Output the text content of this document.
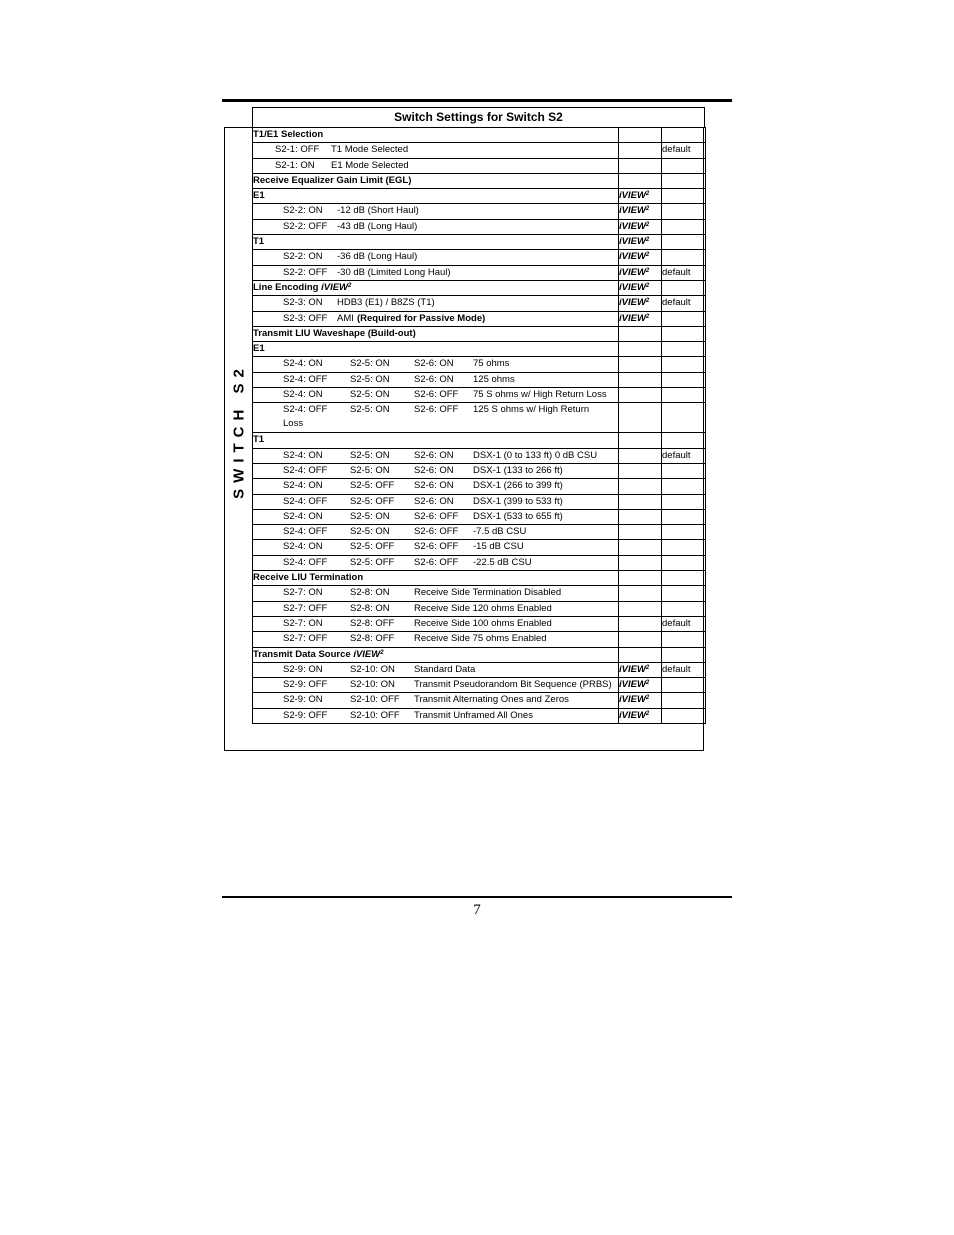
Switch Settings for Switch S2
SWITCH S2
T1/E1 Selection		

S2-1: OFF T1 Mode Selected		default

S2-1: ON E1 Mode Selected		

Receive Equalizer Gain Limit (EGL)		
E1	iVIEW$^2$	

S2-2: ON -12 dB (Short Haul)	iVIEW$^2$	

S2-2: OFF -43 dB (Long Haul)	iVIEW$^2$	
T1	iVIEW$^2$	

S2-2: ON -36 dB (Long Haul)	iVIEW$^2$	

S2-2: OFF -30 dB (Limited Long Haul)	iVIEW$^2$	default
Line Encoding iVIEW$^2$	iVIEW$^2$	

S2-3: ON HDB3 (E1) / B8ZS (T1)	iVIEW$^2$	default

S2-3: OFF AMI (Required for Passive Mode)	iVIEW$^2$	
Transmit LIU Waveshape (Build-out)		
E1		

S2-4: ON S2-5: ON S2-6: ON 75 ohms		

S2-4: OFF S2-5: ON S2-6: ON 125 ohms		

S2-4: ON S2-5: ON S2-6: OFF 75 S ohms w/ High Return Loss		

S2-4: OFF S2-5: ON S2-6: OFF 125 S ohms w/ High Return
Loss		

T1		

S2-4: ON S2-5: ON S2-6: ON DSX-1 (0 to 133 ft) 0 dB CSU		default

S2-4: OFF S2-5: ON S2-6: ON DSX-1 (133 to 266 ft)		

S2-4: ON S2-5: OFF S2-6: ON DSX-1 (266 to 399 ft)		

S2-4: OFF S2-5: OFF S2-6: ON DSX-1 (399 to 533 ft)		

S2-4: ON S2-5: ON S2-6: OFF DSX-1 (533 to 655 ft)		

S2-4: OFF S2-5: ON S2-6: OFF -7.5 dB CSU		

S2-4: ON S2-5: OFF S2-6: OFF -15 dB CSU		

S2-4: OFF S2-5: OFF S2-6: OFF -22.5 dB CSU		

Receive LIU Termination		

S2-7: ON S2-8: ON Receive Side Termination Disabled		

S2-7: OFF S2-8: ON Receive Side 120 ohms Enabled		

S2-7: ON S2-8: OFF Receive Side 100 ohms Enabled		default

S2-7: OFF S2-8: OFF Receive Side 75 ohms Enabled		

Transmit Data Source iVIEW$^2$		

S2-9: ON S2-10: ON Standard Data	iVIEW$^2$	default

S2-9: OFF S2-10: ON Transmit Pseudorandom Bit Sequence (PRBS)	iVIEW$^2$	

S2-9: ON S2-10: OFF Transmit Alternating Ones and Zeros	iVIEW$^2$	

S2-9: OFF S2-10: OFF Transmit Unframed All Ones	iVIEW$^2$	
7
